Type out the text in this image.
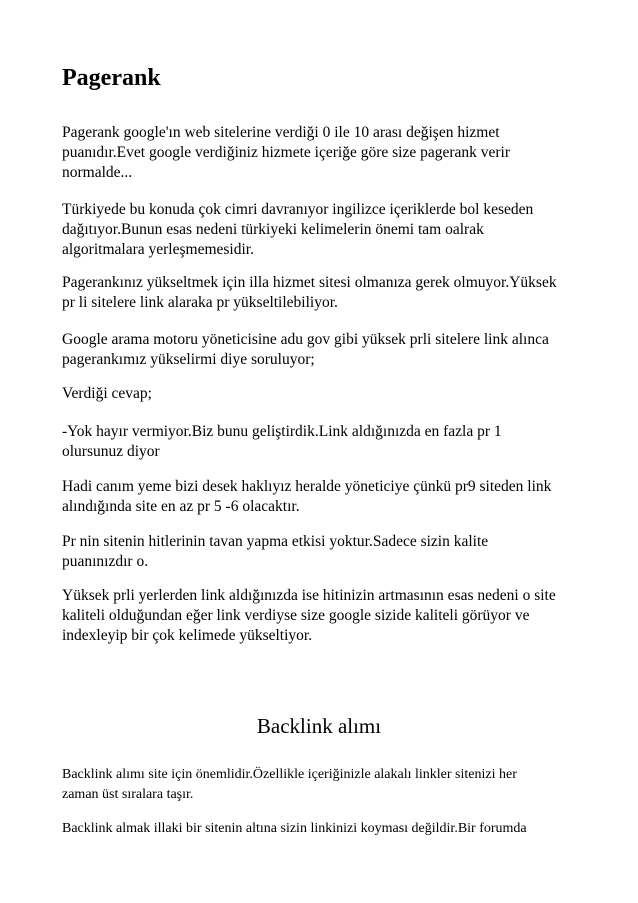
Pagerank

Pagerank google'ın web sitelerine verdiği 0 ile 10 arası değişen hizmet
puanıdır.Evet google verdiğiniz hizmete içeriğe göre size pagerank verir
normalde...

Türkiyede bu konuda çok cimri davranıyor ingilizce içeriklerde bol keseden
dağıtıyor.Bunun esas nedeni türkiyeki kelimelerin önemi tam oalrak
algoritmalara yerleşmemesidir.

Pagerankınız yükseltmek için illa hizmet sitesi olmanıza gerek olmuyor.Yüksek
pr li sitelere link alaraka pr yükseltilebiliyor.

Google arama motoru yöneticisine adu gov gibi yüksek prli sitelere link alınca
pagerankımız yükselirmi diye soruluyor;

Verdiği cevap;

-Yok hayır vermiyor.Biz bunu geliştirdik.Link aldığınızda en fazla pr 1
olursunuz diyor

Hadi canım yeme bizi desek haklıyız heralde yöneticiye çünkü pr9 siteden link
alındığında site en az pr 5 -6 olacaktır.

Pr nin sitenin hitlerinin tavan yapma etkisi yoktur.Sadece sizin kalite
puanınızdır o.

Yüksek prli yerlerden link aldığınızda ise hitinizin artmasının esas nedeni o site
kaliteli olduğundan eğer link verdiyse size google sizide kaliteli görüyor ve
indexleyip bir çok kelimede yükseltiyor.

Backlink alımı

Backlink alımı site için önemlidir.Özellikle içeriğinizle alakalı linkler sitenizi her
zaman üst sıralara taşır.

Backlink almak illaki bir sitenin altına sizin linkinizi koyması değildir.Bir forumda
